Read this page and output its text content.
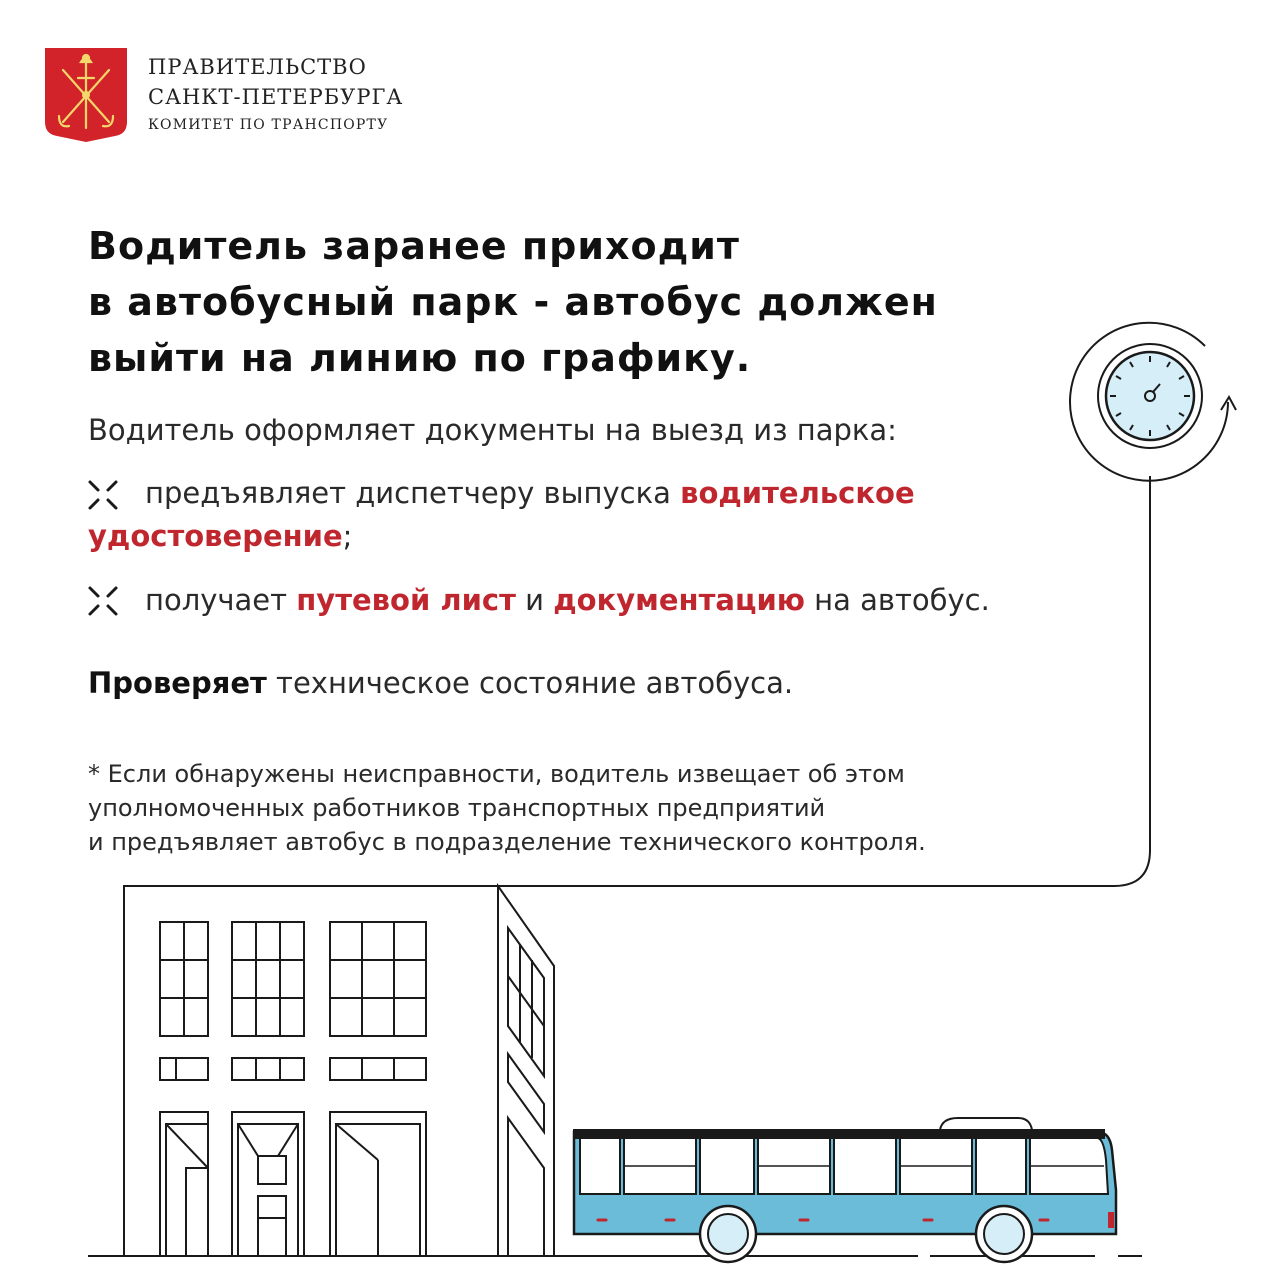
ПРАВИТЕЛЬСТВО
САНКТ-ПЕТЕРБУРГА
КОМИТЕТ ПО ТРАНСПОРТУ
Водитель заранее приходит
в автобусный парк - автобус должен
выйти на линию по графику.
Водитель оформляет документы на выезд из парка:
предъявляет диспетчеру выпуска водительское
удостоверение;
получает путевой лист и документацию на автобус.
Проверяет техническое состояние автобуса.
* Если обнаружены неисправности, водитель извещает об этом
уполномоченных работников транспортных предприятий
и предъявляет автобус в подразделение технического контроля.
